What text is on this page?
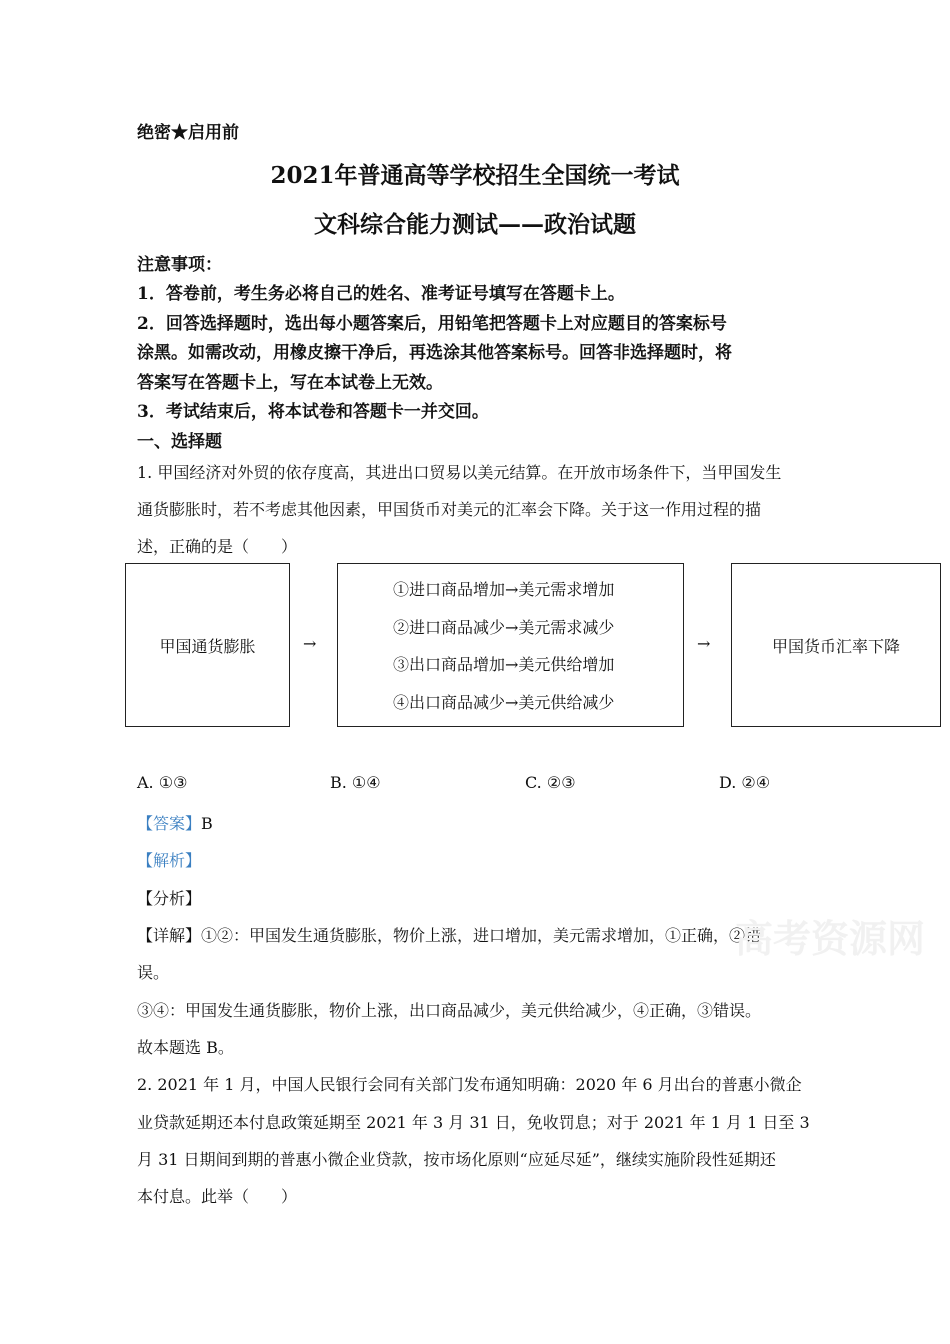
绝密★启用前
2021年普通高等学校招生全国统一考试
文科综合能力测试——政治试题
注意事项：
1．答卷前，考生务必将自己的姓名、准考证号填写在答题卡上。
2．回答选择题时，选出每小题答案后，用铅笔把答题卡上对应题目的答案标号
涂黑。如需改动，用橡皮擦干净后，再选涂其他答案标号。回答非选择题时，将
答案写在答题卡上，写在本试卷上无效。
3．考试结束后，将本试卷和答题卡一并交回。
一、选择题
1. 甲国经济对外贸的依存度高，其进出口贸易以美元结算。在开放市场条件下，当甲国发生
通货膨胀时，若不考虑其他因素，甲国货币对美元的汇率会下降。关于这一作用过程的描
述，正确的是（　　）
甲国通货膨胀	→
①进口商品增加→美元需求增加
②进口商品减少→美元需求减少
③出口商品增加→美元供给增加
④出口商品减少→美元供给减少
→	甲国货币汇率下降
A. ①③	B. ①④	C. ②③	D. ②④
【答案】B
【解析】
【分析】
【详解】①②：甲国发生通货膨胀，物价上涨，进口增加，美元需求增加，①正确，②错
误。
③④：甲国发生通货膨胀，物价上涨，出口商品减少，美元供给减少，④正确，③错误。
故本题选 B。
2. 2021 年 1 月，中国人民银行会同有关部门发布通知明确：2020 年 6 月出台的普惠小微企
业贷款延期还本付息政策延期至 2021 年 3 月 31 日，免收罚息；对于 2021 年 1 月 1 日至 3
月 31 日期间到期的普惠小微企业贷款，按市场化原则“应延尽延”，继续实施阶段性延期还
本付息。此举（　　）
高考资源网
